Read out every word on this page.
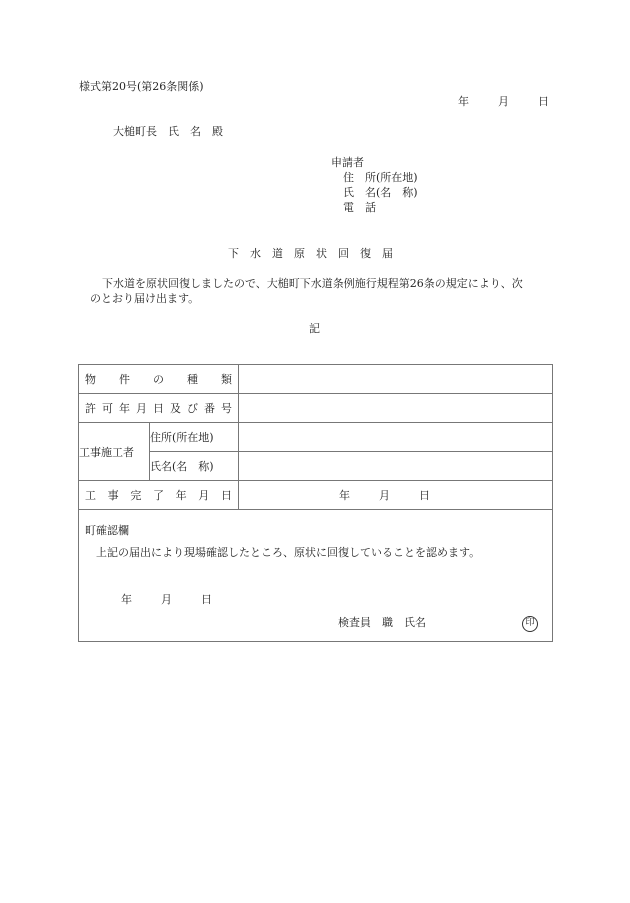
様式第20号(第26条関係)
年	月	日
大槌町長　氏　名　殿
申請者
住　所(所在地)
氏　名(名　称)
電　話
下 水 道 原 状 回 復 届
下水道を原状回復しましたので、大槌町下水道条例施行規程第26条の規定により、次
のとおり届け出ます。
記
物 件 の 種 類		

許 可 年 月 日 及 び 番 号

工事施工者	住所(所在地)	
	氏名(名　称)	

工 事 完 了 年 月 日	年	月	日

町確認欄
上記の届出により現場確認したところ、原状に回復していることを認めます。
年 月 日
検査員　職　氏名 印		
